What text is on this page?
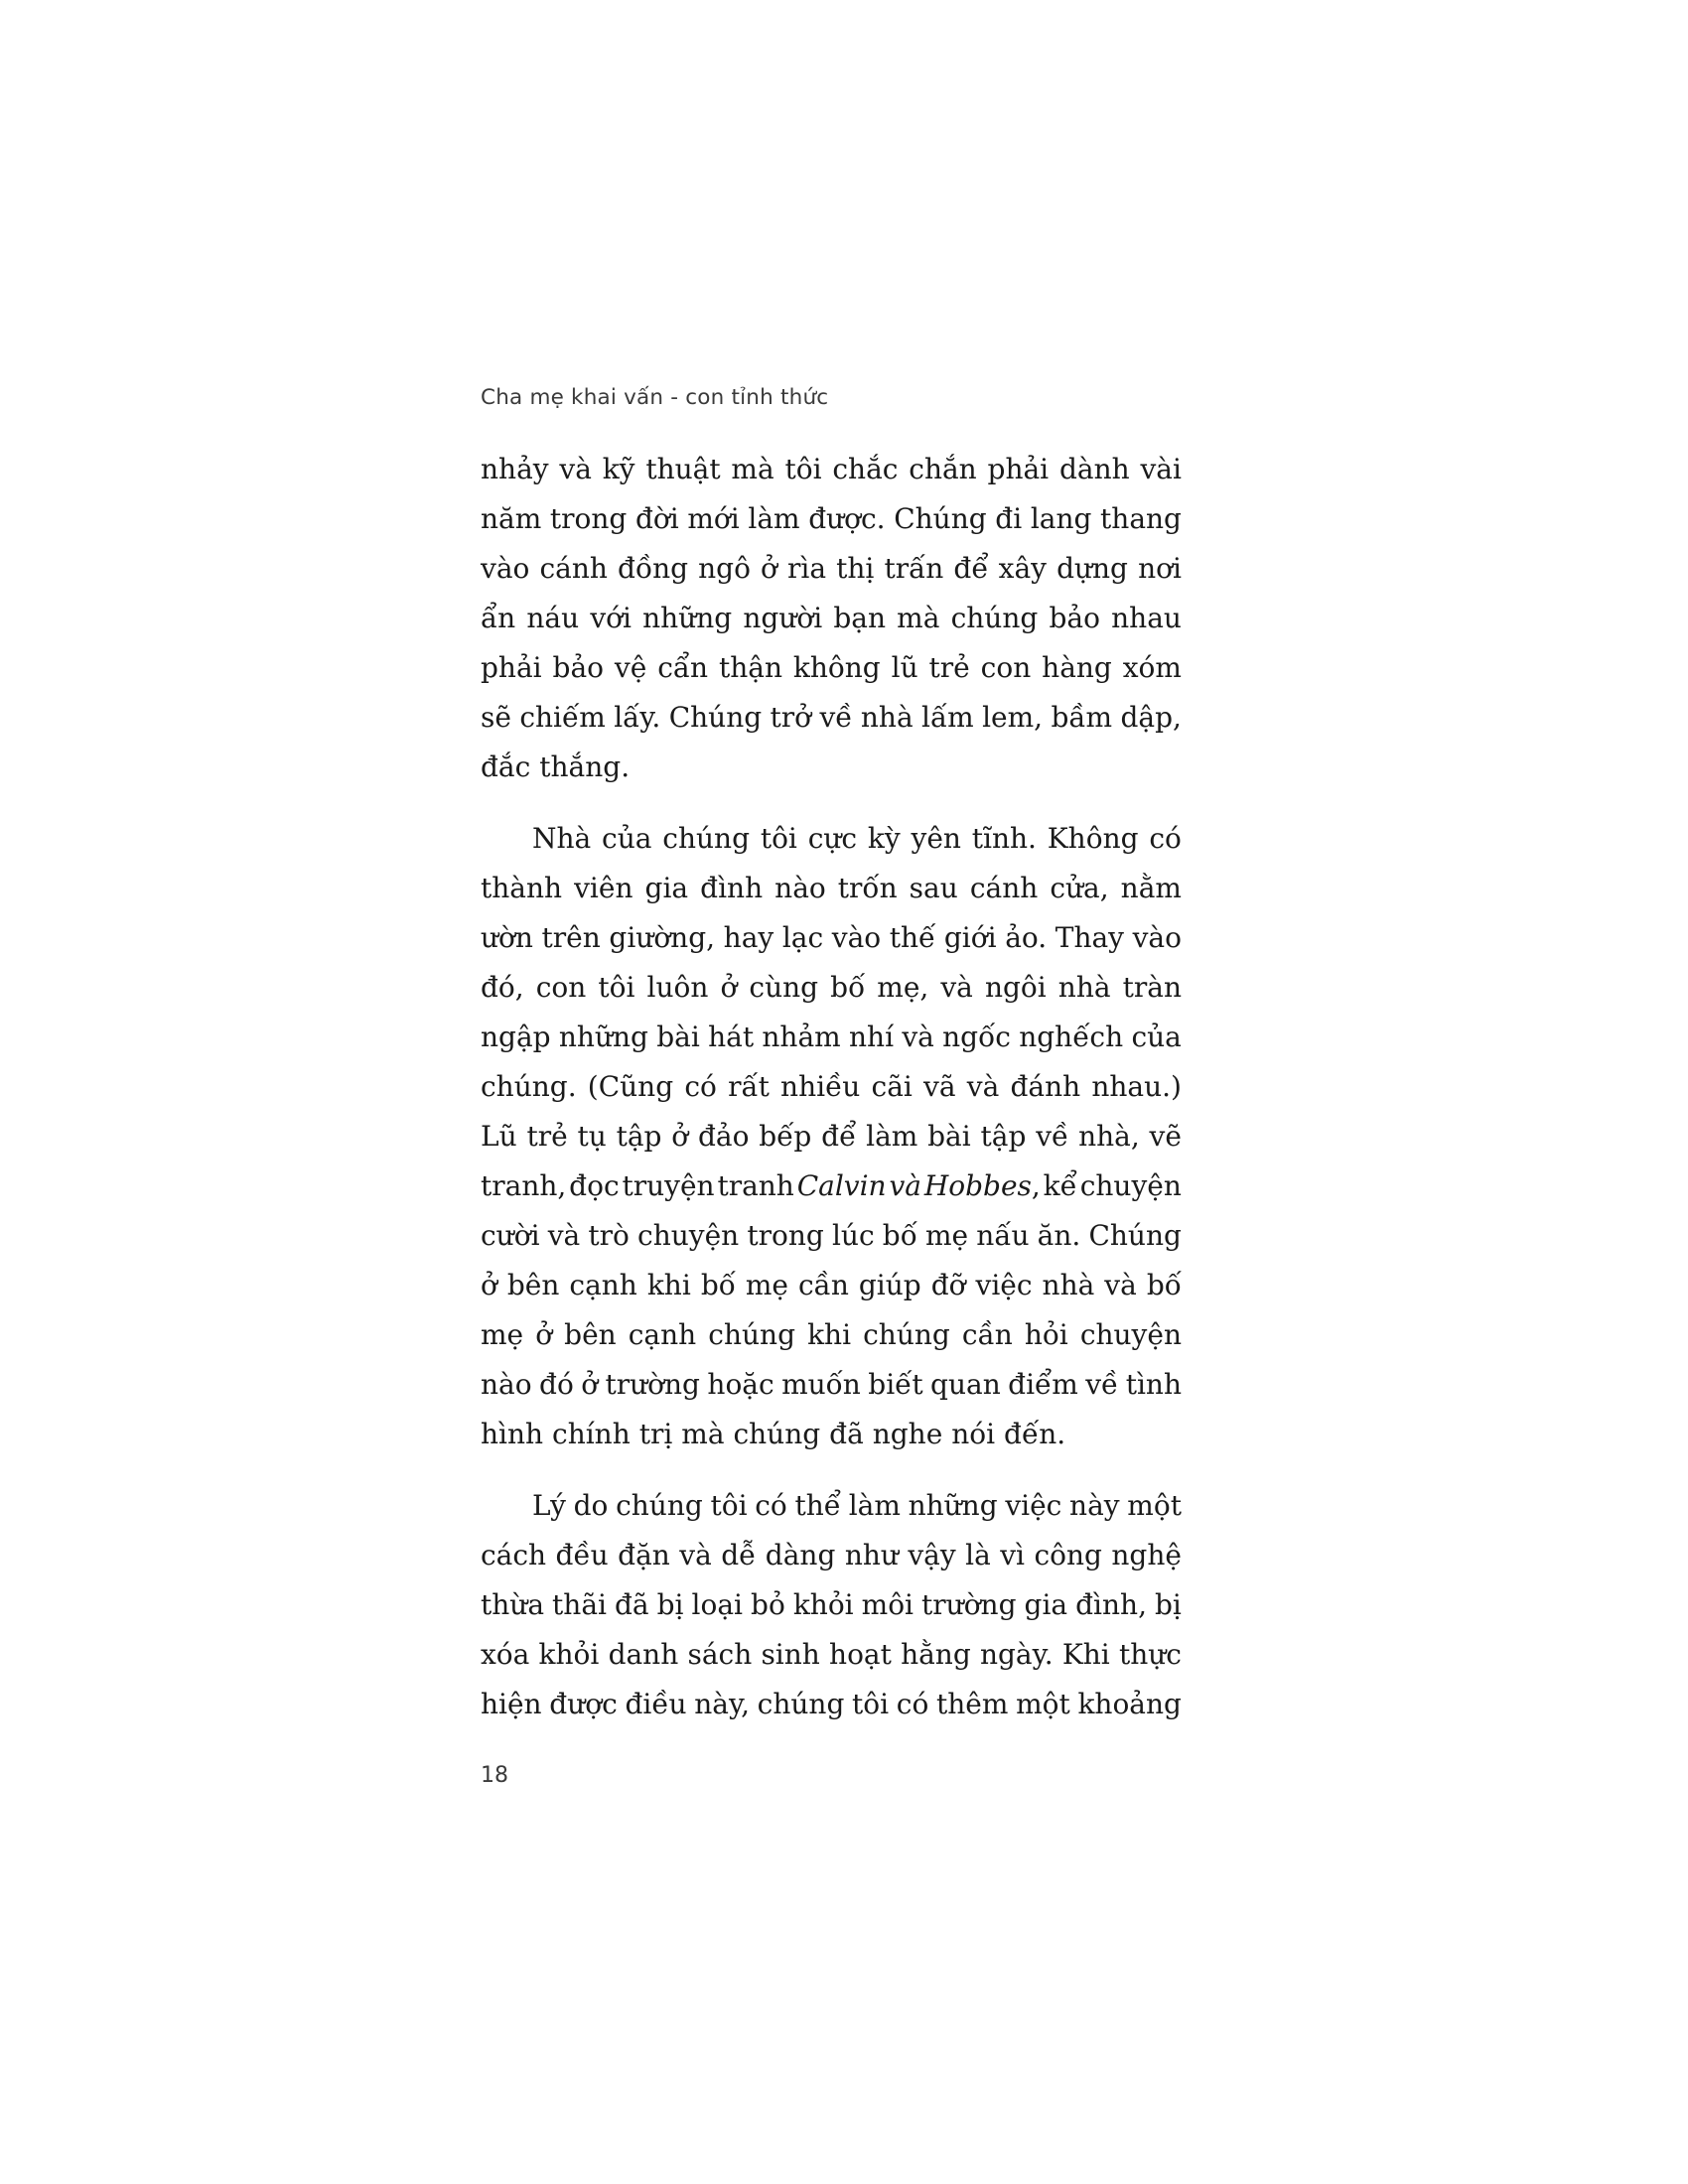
Cha mẹ khai vấn - con tỉnh thức
nhảy và kỹ thuật mà tôi chắc chắn phải dành vài
năm trong đời mới làm được. Chúng đi lang thang
vào cánh đồng ngô ở rìa thị trấn để xây dựng nơi
ẩn náu với những người bạn mà chúng bảo nhau
phải bảo vệ cẩn thận không lũ trẻ con hàng xóm
sẽ chiếm lấy. Chúng trở về nhà lấm lem, bầm dập,
đắc thắng.
Nhà của chúng tôi cực kỳ yên tĩnh. Không có
thành viên gia đình nào trốn sau cánh cửa, nằm
ườn trên giường, hay lạc vào thế giới ảo. Thay vào
đó, con tôi luôn ở cùng bố mẹ, và ngôi nhà tràn
ngập những bài hát nhảm nhí và ngốc nghếch của
chúng. (Cũng có rất nhiều cãi vã và đánh nhau.)
Lũ trẻ tụ tập ở đảo bếp để làm bài tập về nhà, vẽ
tranh, đọc truyện tranh Calvin và Hobbes, kể chuyện
cười và trò chuyện trong lúc bố mẹ nấu ăn. Chúng
ở bên cạnh khi bố mẹ cần giúp đỡ việc nhà và bố
mẹ ở bên cạnh chúng khi chúng cần hỏi chuyện
nào đó ở trường hoặc muốn biết quan điểm về tình
hình chính trị mà chúng đã nghe nói đến.
Lý do chúng tôi có thể làm những việc này một
cách đều đặn và dễ dàng như vậy là vì công nghệ
thừa thãi đã bị loại bỏ khỏi môi trường gia đình, bị
xóa khỏi danh sách sinh hoạt hằng ngày. Khi thực
hiện được điều này, chúng tôi có thêm một khoảng
18
